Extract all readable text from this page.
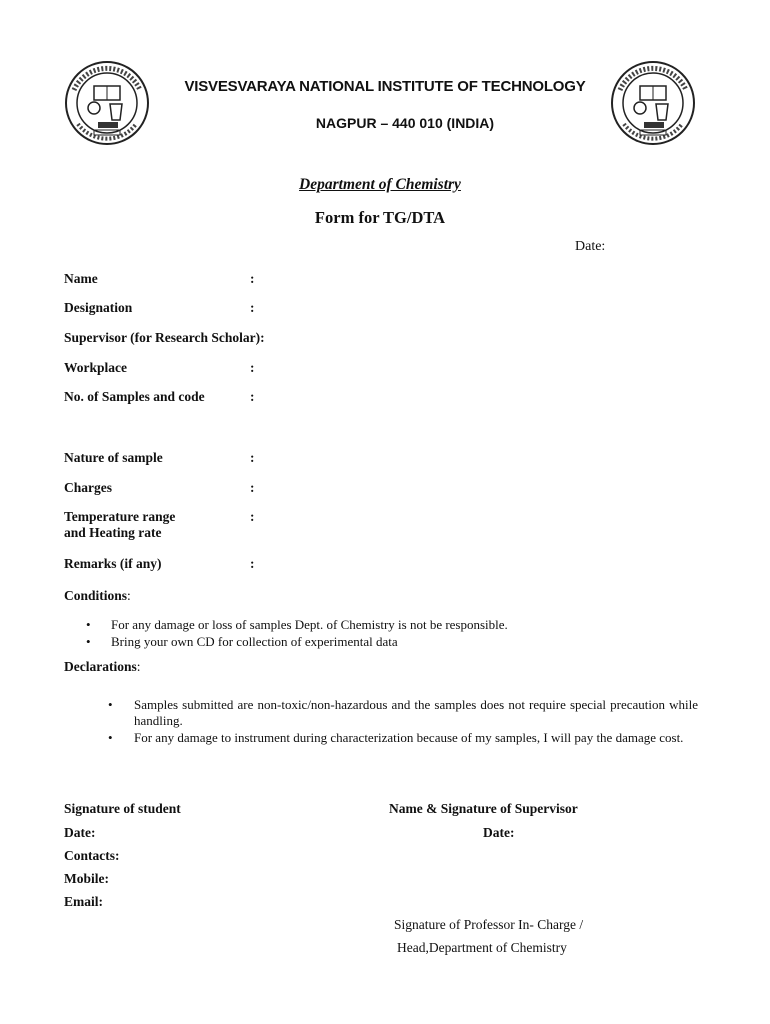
VISVESVARAYA NATIONAL INSTITUTE OF TECHNOLOGY
NAGPUR – 440 010 (INDIA)
Department of Chemistry
Form for TG/DTA
Date:
Name	:
Designation	:
Supervisor (for Research Scholar):
Workplace	:
No. of Samples and code	:
Nature of sample	:
Charges	:
Temperature range
and Heating rate
:
Remarks (if any)	:
Conditions:
• For any damage or loss of samples Dept. of Chemistry is not be responsible.
• Bring your own CD for collection of experimental data
Declarations:
• Samples submitted are non-toxic/non-hazardous and the samples does not require special precaution while handling.
• For any damage to instrument during characterization because of my samples, I will pay the damage cost.
Signature of student	Name & Signature of Supervisor
Date:	Date:
Contacts:
Mobile:
Email:
Signature of Professor In- Charge /
Head,Department of Chemistry
